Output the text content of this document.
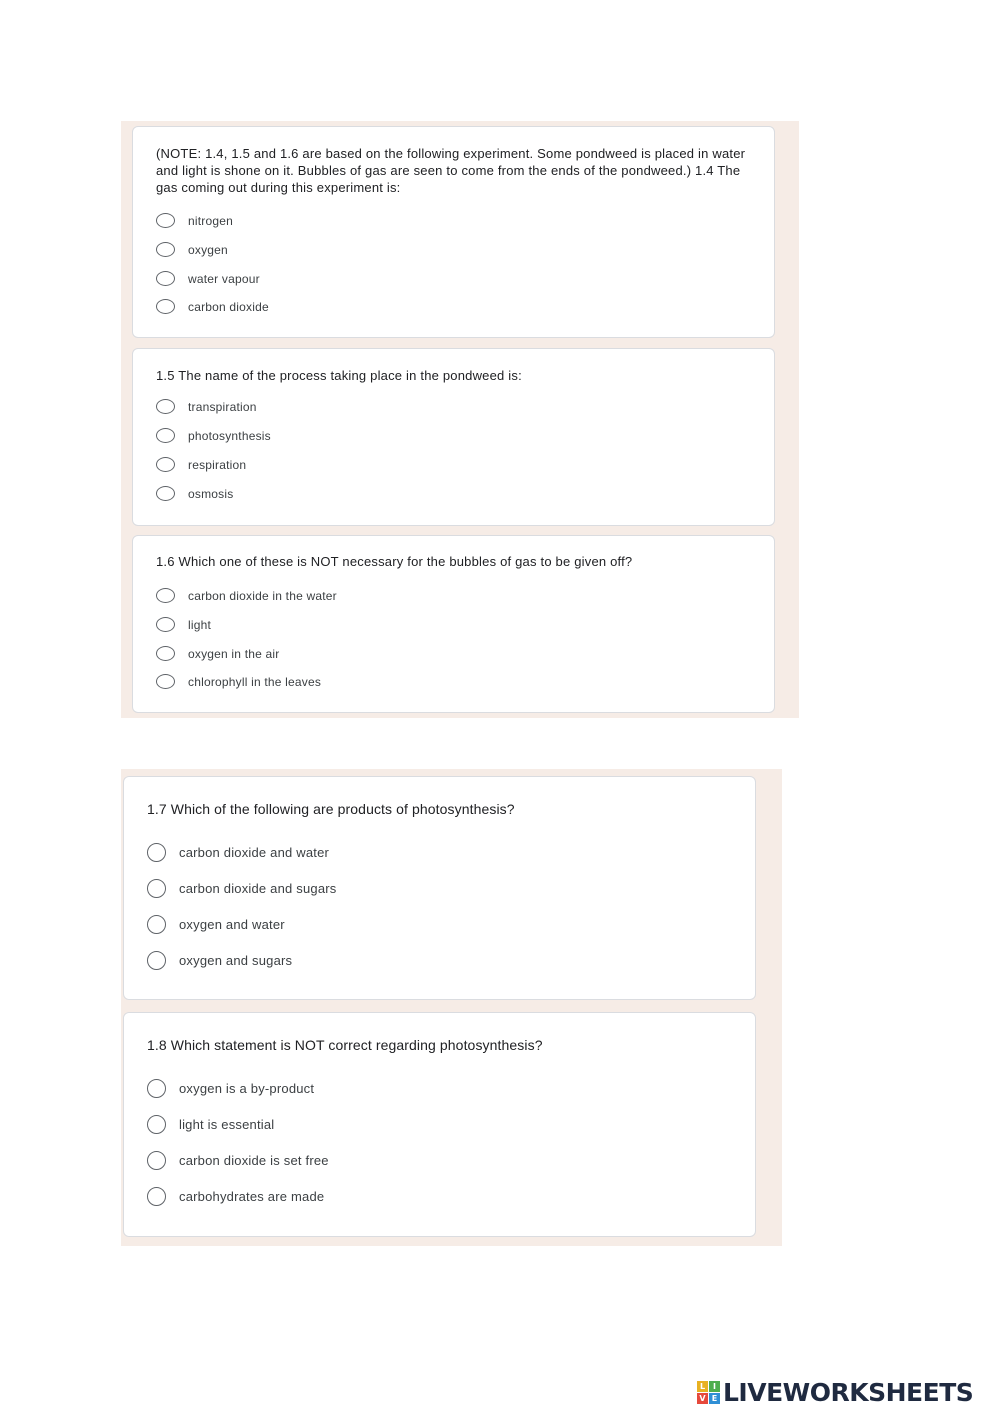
(NOTE: 1.4, 1.5 and 1.6 are based on the following experiment. Some pondweed is placed in water and light is shone on it. Bubbles of gas are seen to come from the ends of the pondweed.) 1.4 The gas coming out during this experiment is:

nitrogen
oxygen
water vapour
carbon dioxide

1.5 The name of the process taking place in the pondweed is:

transpiration
photosynthesis
respiration
osmosis

1.6 Which one of these is NOT necessary for the bubbles of gas to be given off?

carbon dioxide in the water
light
oxygen in the air
chlorophyll in the leaves

1.7 Which of the following are products of photosynthesis?

carbon dioxide and water
carbon dioxide and sugars
oxygen and water
oxygen and sugars

1.8 Which statement is NOT correct regarding photosynthesis?

oxygen is a by-product
light is essential
carbon dioxide is set free
carbohydrates are made
L I
V E LIVEWORKSHEETS
